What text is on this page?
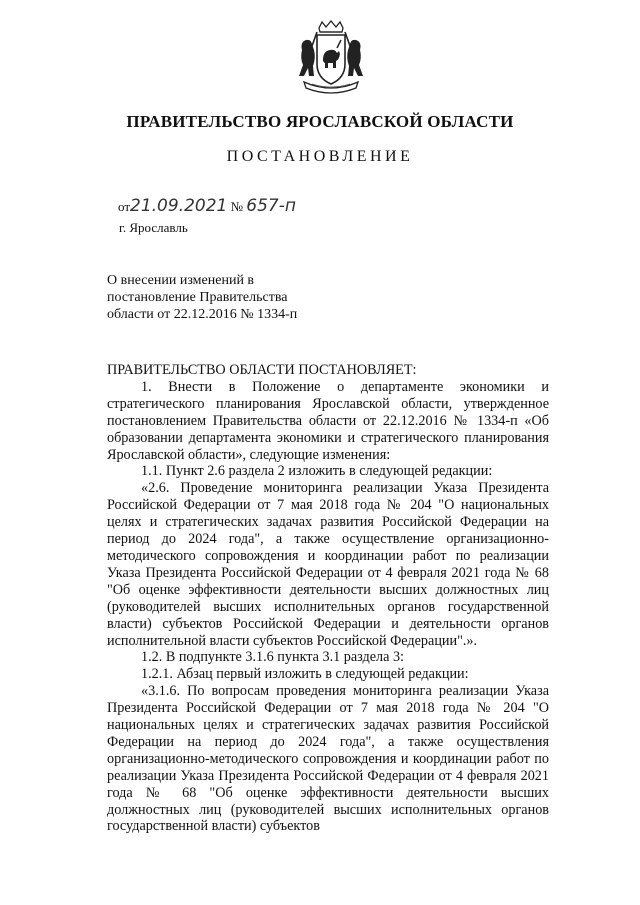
ПРАВИТЕЛЬСТВО ЯРОСЛАВСКОЙ ОБЛАСТИ
ПОСТАНОВЛЕНИЕ
от21.09.2021 № 657-п
г. Ярославль
О внесении изменений в
постановление Правительства
области от 22.12.2016 № 1334-п

ПРАВИТЕЛЬСТВО ОБЛАСТИ ПОСТАНОВЛЯЕТ:

1. Внести в Положение о департаменте экономики и стратегического планирования Ярославской области, утвержденное постановлением Правительства области от 22.12.2016 № 1334-п «Об образовании департамента экономики и стратегического планирования Ярославской области», следующие изменения:

1.1. Пункт 2.6 раздела 2 изложить в следующей редакции:

«2.6. Проведение мониторинга реализации Указа Президента Российской Федерации от 7 мая 2018 года № 204 "О национальных целях и стратегических задачах развития Российской Федерации на период до 2024 года", а также осуществление организационно-методического сопровождения и координации работ по реализации Указа Президента Российской Федерации от 4 февраля 2021 года № 68 "Об оценке эффективности деятельности высших должностных лиц (руководителей высших исполнительных органов государственной власти) субъектов Российской Федерации и деятельности органов исполнительной власти субъектов Российской Федерации".».

1.2. В подпункте 3.1.6 пункта 3.1 раздела 3:

1.2.1. Абзац первый изложить в следующей редакции:

«3.1.6. По вопросам проведения мониторинга реализации Указа Президента Российской Федерации от 7 мая 2018 года № 204 "О национальных целях и стратегических задачах развития Российской Федерации на период до 2024 года", а также осуществления организационно-методического сопровождения и координации работ по реализации Указа Президента Российской Федерации от 4 февраля 2021 года № 68 "Об оценке эффективности деятельности высших должностных лиц (руководителей высших исполнительных органов государственной власти) субъектов
